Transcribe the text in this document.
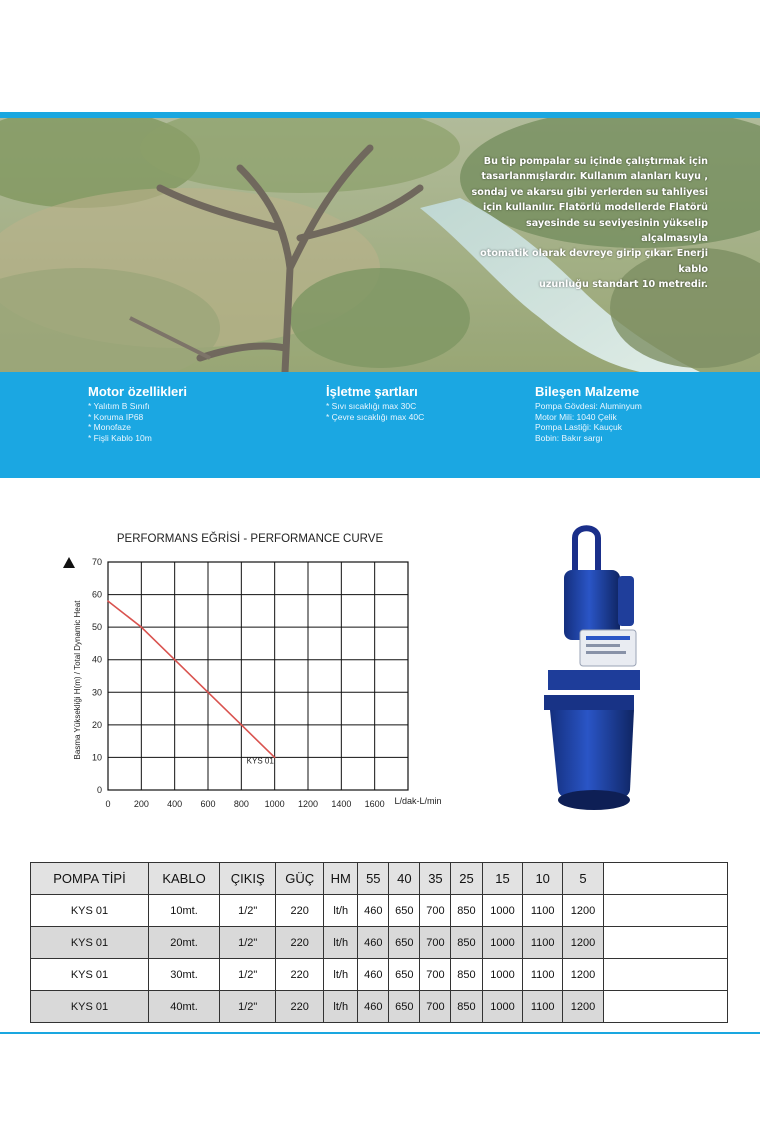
Bu tip pompalar su içinde çalıştırmak için
tasarlanmışlardır. Kullanım alanları kuyu ,
sondaj ve akarsu gibi yerlerden su tahliyesi
için kullanılır. Flatörlü modellerde Flatörü
sayesinde su seviyesinin yükselip alçalmasıyla
otomatik olarak devreye girip çıkar. Enerji kablo
uzunluğu standart 10 metredir.
Motor özellikleri
* Yalıtım B Sınıfı
* Koruma IP68
* Monofaze
* Fişli Kablo 10m
İşletme şartları
* Sıvı sıcaklığı max 30C
* Çevre sıcaklığı max 40C
Bileşen Malzeme
Pompa Gövdesi: Aluminyum
Motor Mili: 1040 Çelik
Pompa Lastiği: Kauçuk
Bobin: Bakır sargı
PERFORMANS EĞRİSİ - PERFORMANCE CURVE
Basma Yüksekliği H(m) / Total Dynamic Heat
L/dak-L/min
0	200 400 600 800 1000 1200 1400 1600
0
10
20
30
40
50
60
70
KYS 01
POMPA TİPİ	KABLO	ÇIKIŞ	GÜÇ	HM	55	40	35	25	15	10	5	
KYS 01	10mt.	1/2"	220	lt/h	460	650	700	850	1000	1100	1200	
KYS 01	20mt.	1/2"	220	lt/h	460	650	700	850	1000	1100	1200	
KYS 01	30mt.	1/2"	220	lt/h	460	650	700	850	1000	1100	1200	
KYS 01	40mt.	1/2"	220	lt/h	460	650	700	850	1000	1100	1200	
